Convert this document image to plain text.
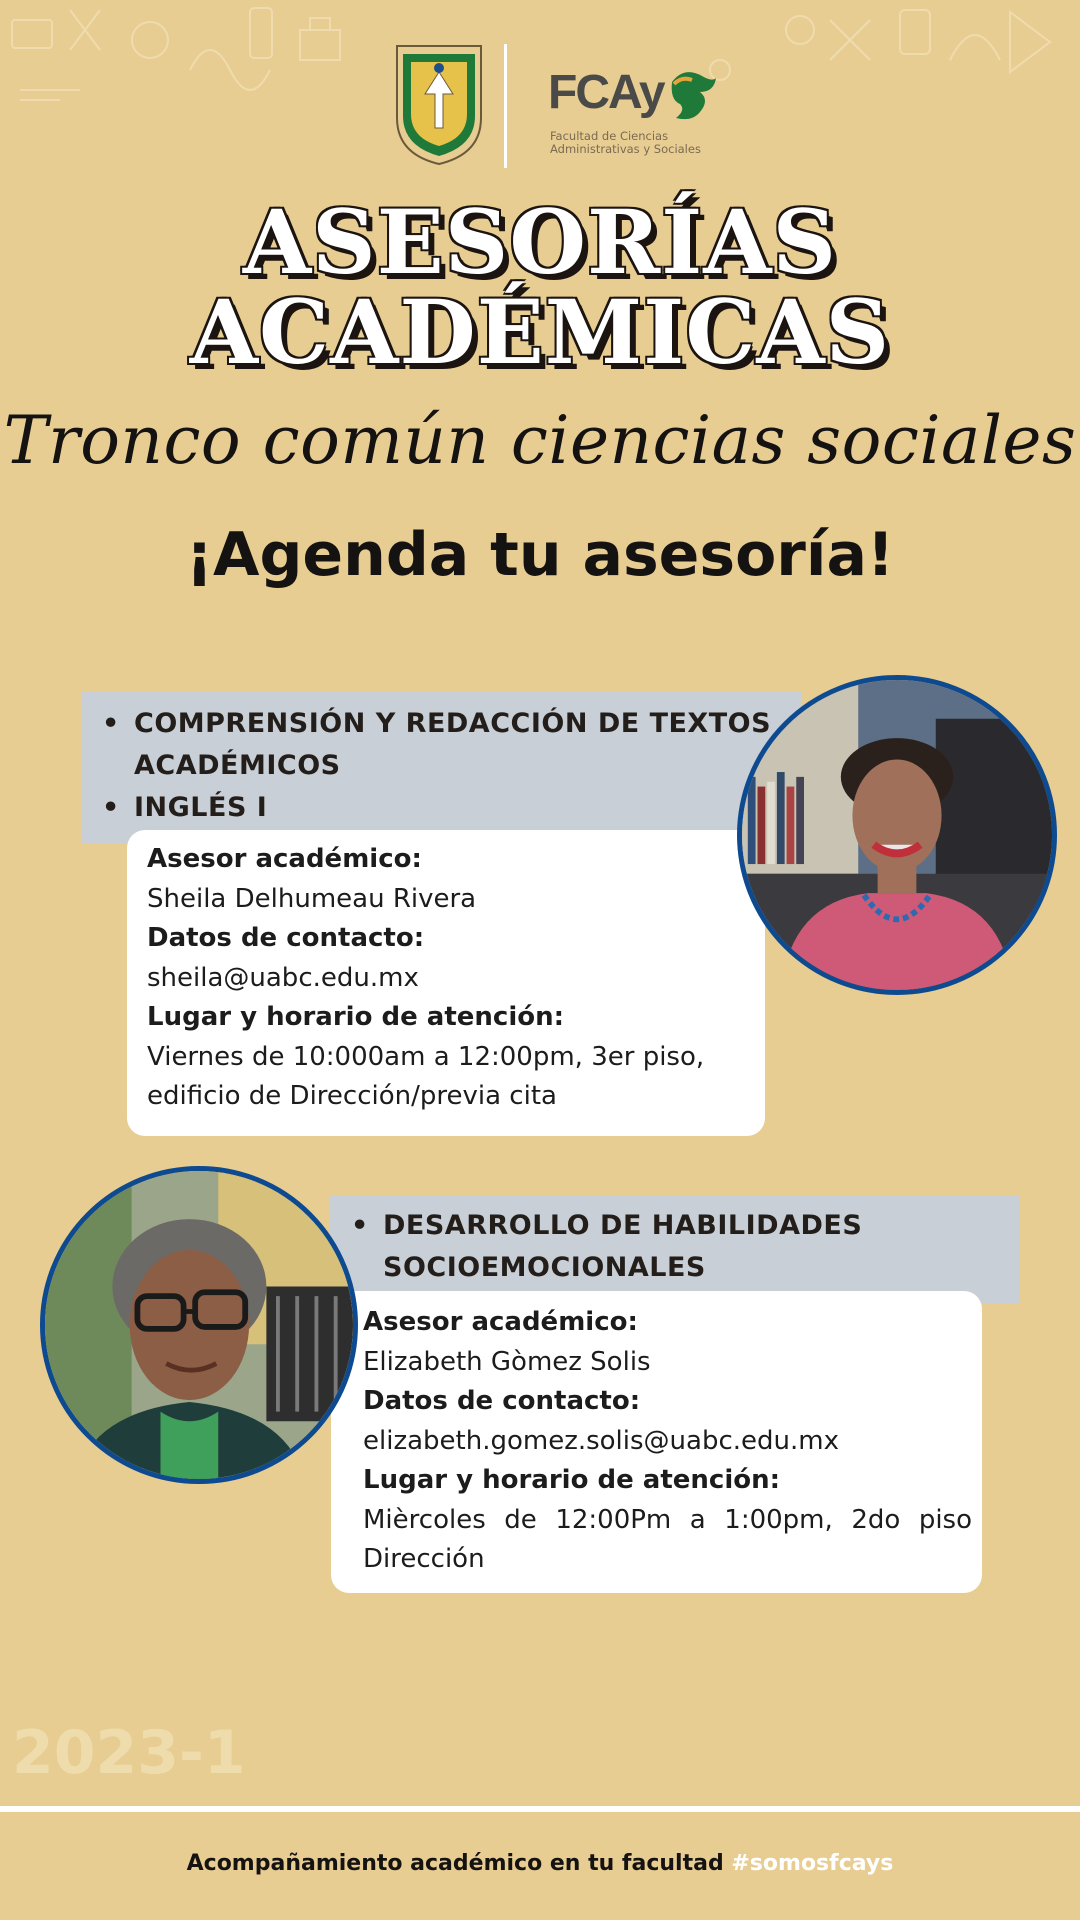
FCAy
Facultad de Ciencias
Administrativas y Sociales
ASESORÍAS
ACADÉMICAS
Tronco común ciencias sociales
¡Agenda tu asesoría!
• COMPRENSIÓN Y REDACCIÓN DE TEXTOS ACADÉMICOS
• INGLÉS I
Asesor académico:
Sheila Delhumeau Rivera
Datos de contacto:
sheila@uabc.edu.mx
Lugar y horario de atención:
Viernes de 10:000am a 12:00pm, 3er piso, edificio de Dirección/previa cita
• DESARROLLO DE HABILIDADES SOCIOEMOCIONALES
Asesor académico:
Elizabeth Gòmez Solis
Datos de contacto:
elizabeth.gomez.solis@uabc.edu.mx
Lugar y horario de atención:
Mièrcoles de 12:00Pm a 1:00pm, 2do piso Dirección
2023-1
Acompañamiento académico en tu facultad #somosfcays
